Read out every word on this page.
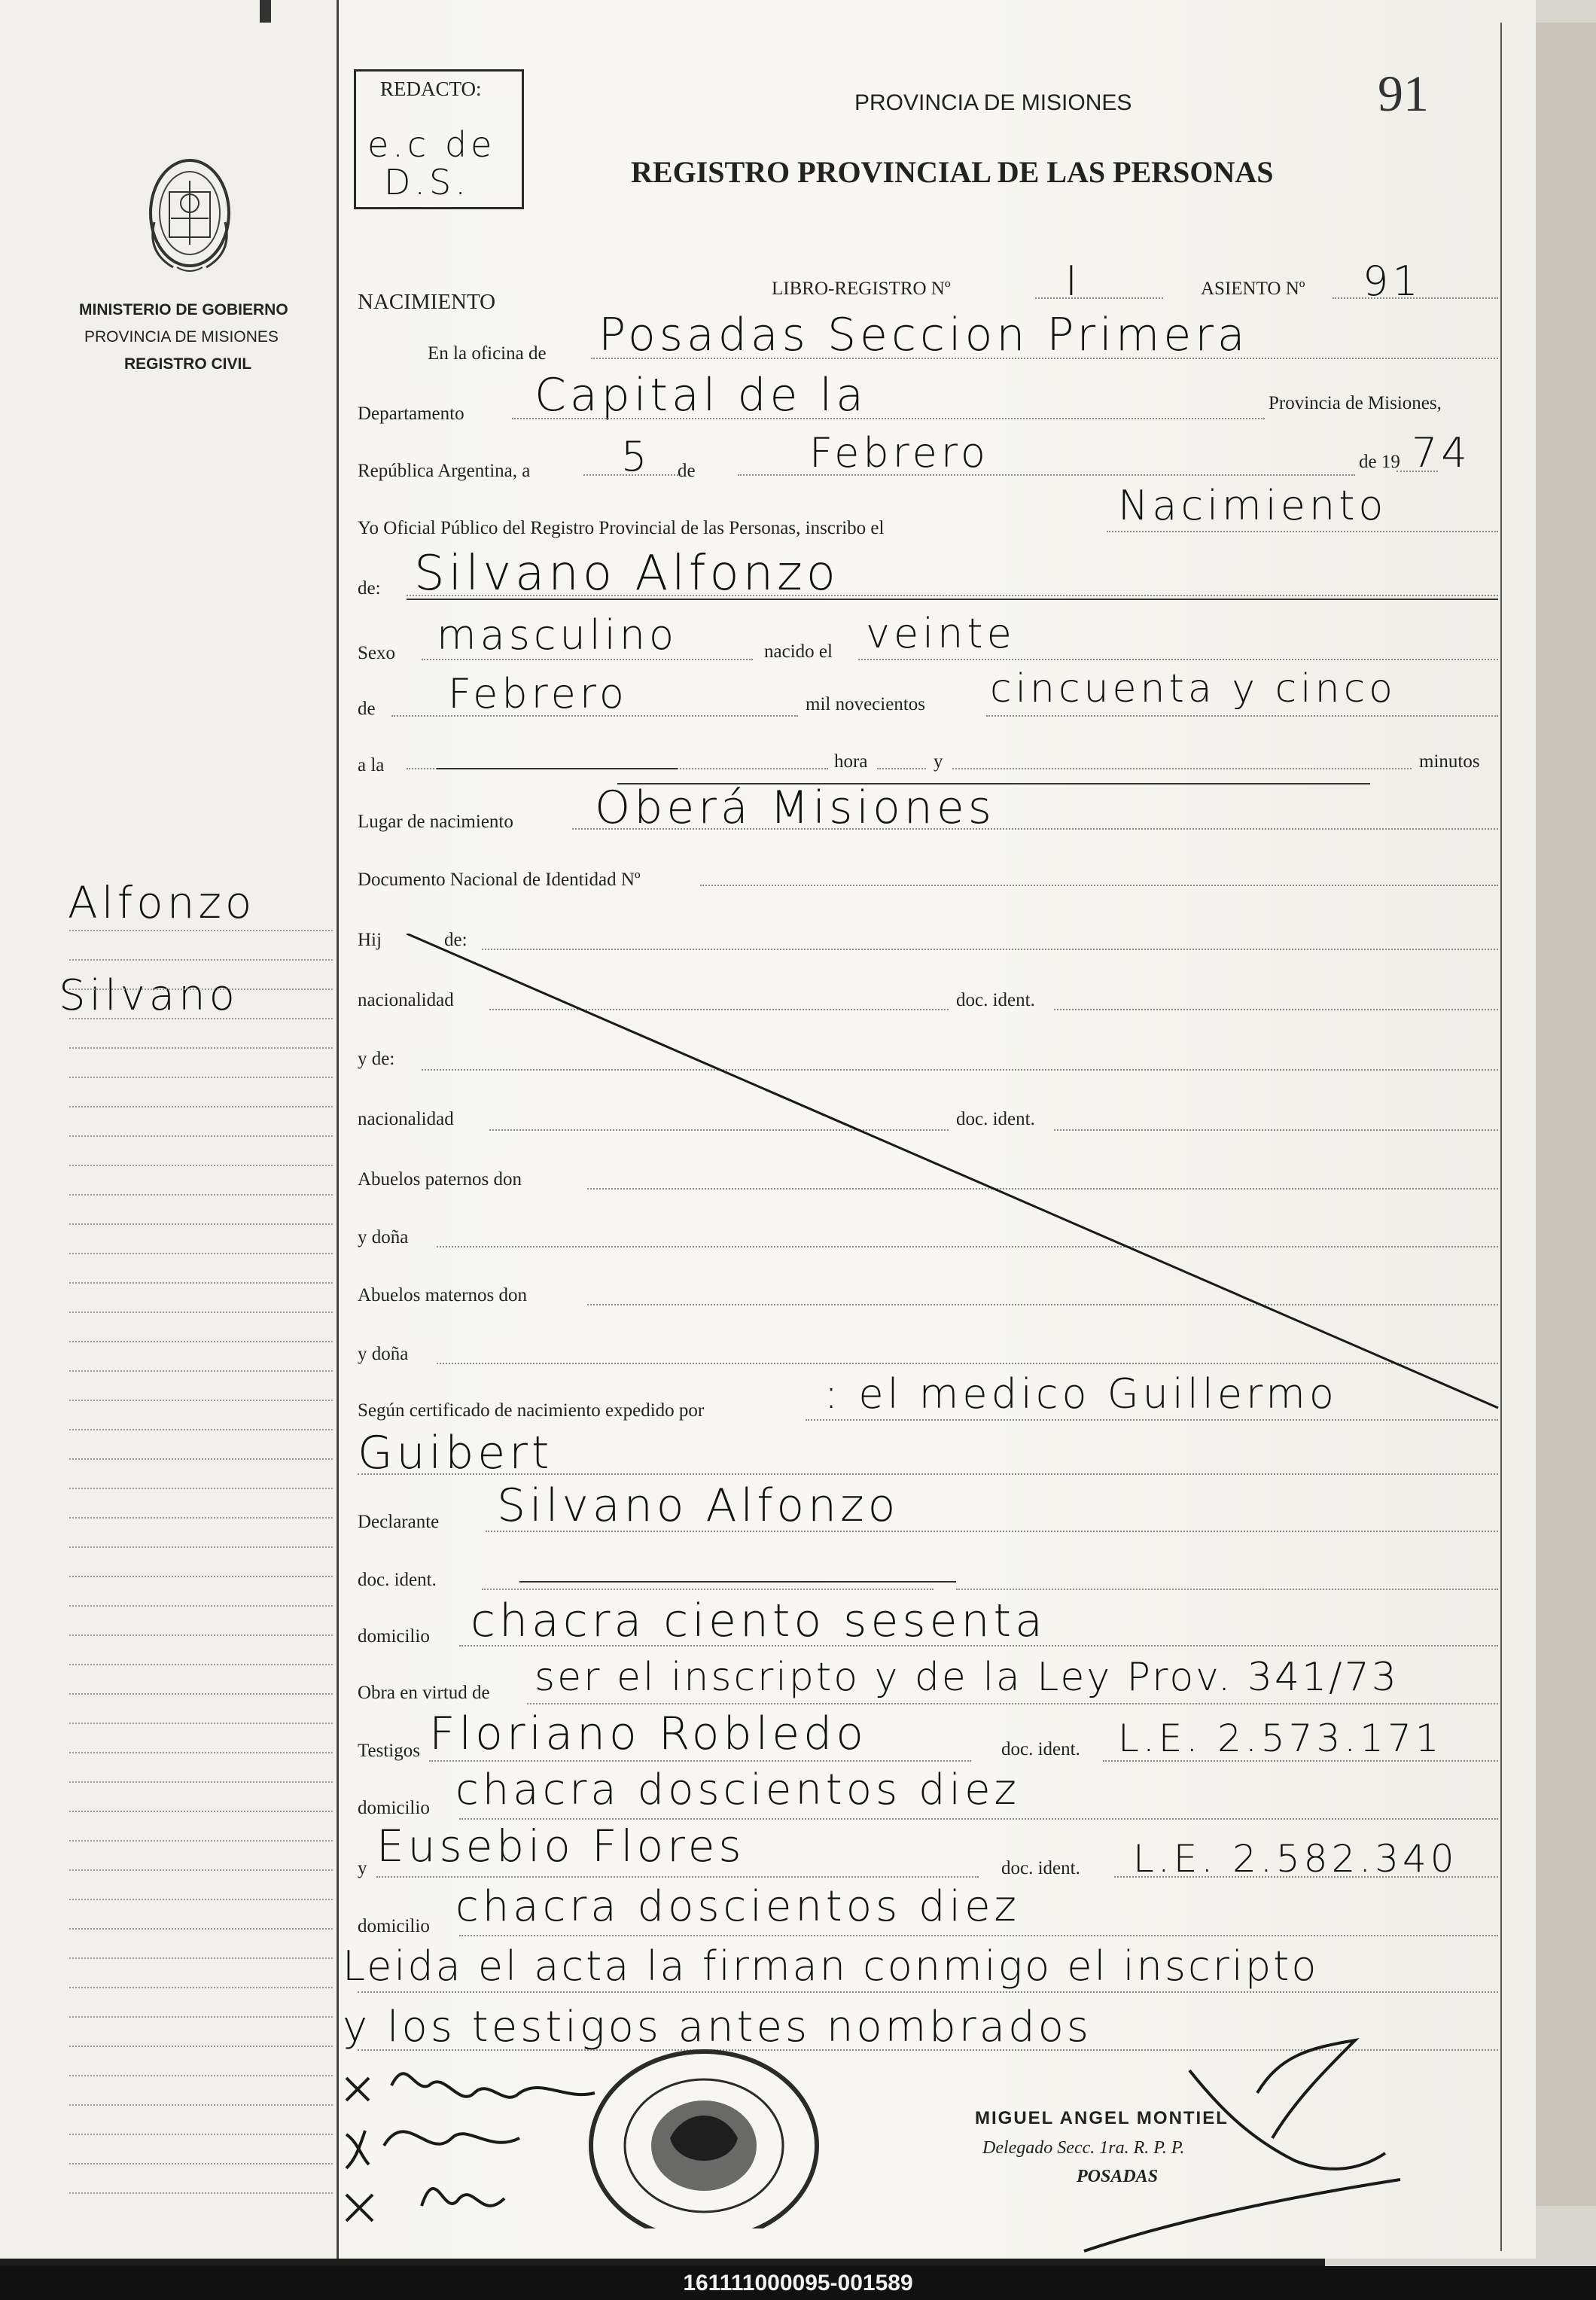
MINISTERIO DE GOBIERNO
PROVINCIA DE MISIONES
REGISTRO CIVIL
Alfonzo
Silvano
REDACTO:
e.c de
D.S.
91
PROVINCIA DE MISIONES
REGISTRO PROVINCIAL DE LAS PERSONAS
NACIMIENTO
LIBRO-REGISTRO Nº	I	ASIENTO Nº 91
En la oficina de Posadas Seccion Primera
Departamento Capital de la	Provincia de Misiones,
República Argentina, a 5 de	Febrero	de 19 74
Yo Oficial Público del Registro Provincial de las Personas, inscribo el	Nacimiento
de: Silvano Alfonzo
Sexo masculino	nacido el veinte
de Febrero	mil novecientos cincuenta y cinco
a la	hora	y	minutos
Lugar de nacimiento Oberá Misiones
Documento Nacional de Identidad Nº
Hij	de:
nacionalidad	doc. ident.
y de:
nacionalidad	doc. ident.
Abuelos paternos don
y doña
Abuelos maternos don
y doña
Según certificado de nacimiento expedido por	: el medico Guillermo
Guibert
Declarante Silvano Alfonzo
doc. ident.
domicilio chacra ciento sesenta
Obra en virtud de ser el inscripto y de la Ley Prov. 341/73
Testigos Floriano Robledo	doc. ident. L.E. 2.573.171
domicilio chacra doscientos diez
y Eusebio Flores	doc. ident. L.E. 2.582.340
domicilio chacra doscientos diez
Leida el acta la firman conmigo el inscripto
y los testigos antes nombrados
MIGUEL ANGEL MONTIEL
Delegado Secc. 1ra. R. P. P.
POSADAS
161111000095-001589
